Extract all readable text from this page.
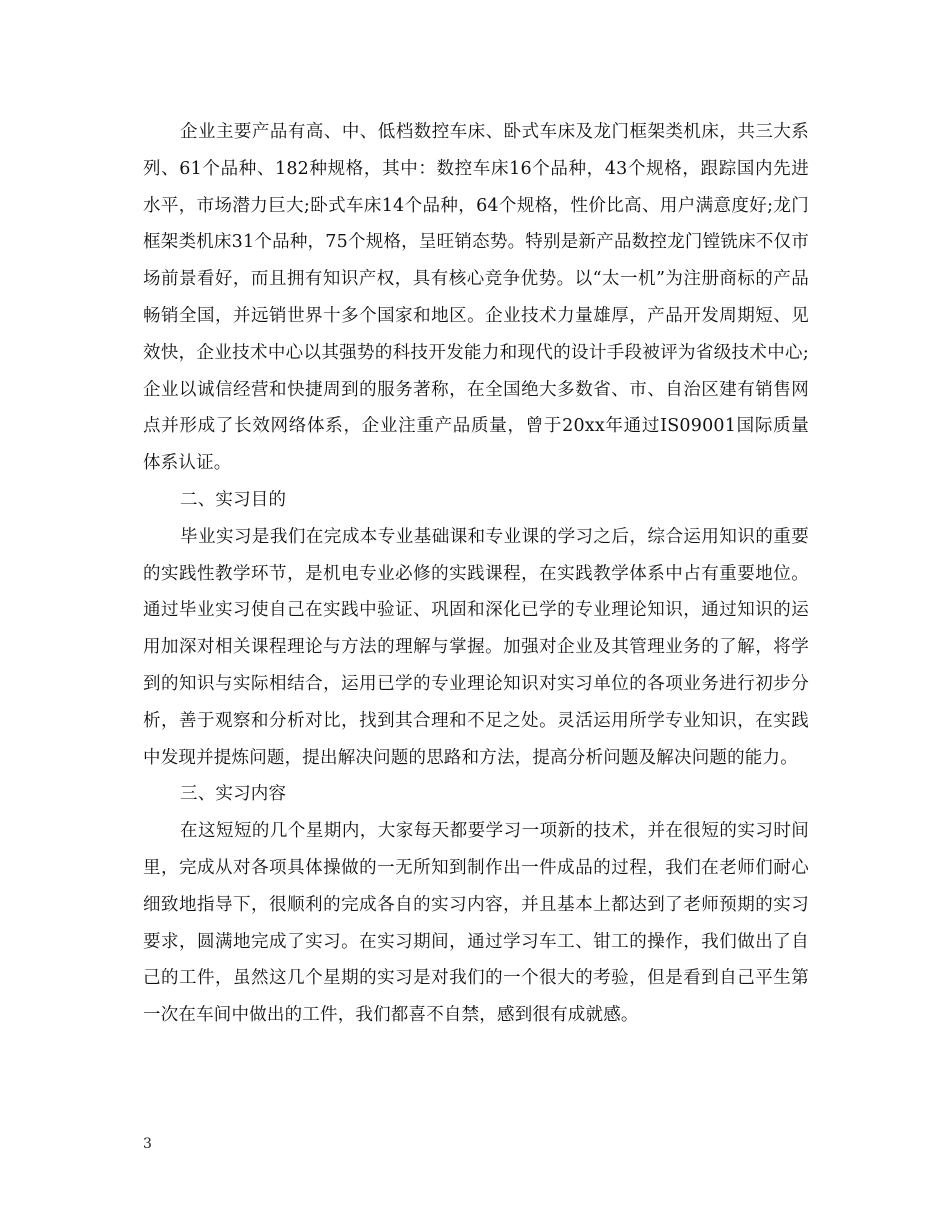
企业主要产品有高、中、低档数控车床、卧式车床及龙门框架类机床，共三大系列、61个品种、182种规格，其中：数控车床16个品种，43个规格，跟踪国内先进水平，市场潜力巨大;卧式车床14个品种，64个规格，性价比高、用户满意度好;龙门框架类机床31个品种，75个规格，呈旺销态势。特别是新产品数控龙门镗铣床不仅市场前景看好，而且拥有知识产权，具有核心竞争优势。以“太一机”为注册商标的产品畅销全国，并远销世界十多个国家和地区。企业技术力量雄厚，产品开发周期短、见效快，企业技术中心以其强势的科技开发能力和现代的设计手段被评为省级技术中心;企业以诚信经营和快捷周到的服务著称，在全国绝大多数省、市、自治区建有销售网点并形成了长效网络体系，企业注重产品质量，曾于20xx年通过IS09001国际质量体系认证。

二、实习目的

毕业实习是我们在完成本专业基础课和专业课的学习之后，综合运用知识的重要的实践性教学环节，是机电专业必修的实践课程，在实践教学体系中占有重要地位。通过毕业实习使自己在实践中验证、巩固和深化已学的专业理论知识，通过知识的运用加深对相关课程理论与方法的理解与掌握。加强对企业及其管理业务的了解，将学到的知识与实际相结合，运用已学的专业理论知识对实习单位的各项业务进行初步分析，善于观察和分析对比，找到其合理和不足之处。灵活运用所学专业知识，在实践中发现并提炼问题，提出解决问题的思路和方法，提高分析问题及解决问题的能力。

三、实习内容

在这短短的几个星期内，大家每天都要学习一项新的技术，并在很短的实习时间里，完成从对各项具体操做的一无所知到制作出一件成品的过程，我们在老师们耐心细致地指导下，很顺利的完成各自的实习内容，并且基本上都达到了老师预期的实习要求，圆满地完成了实习。在实习期间，通过学习车工、钳工的操作，我们做出了自己的工件，虽然这几个星期的实习是对我们的一个很大的考验，但是看到自己平生第一次在车间中做出的工件，我们都喜不自禁，感到很有成就感。

3
